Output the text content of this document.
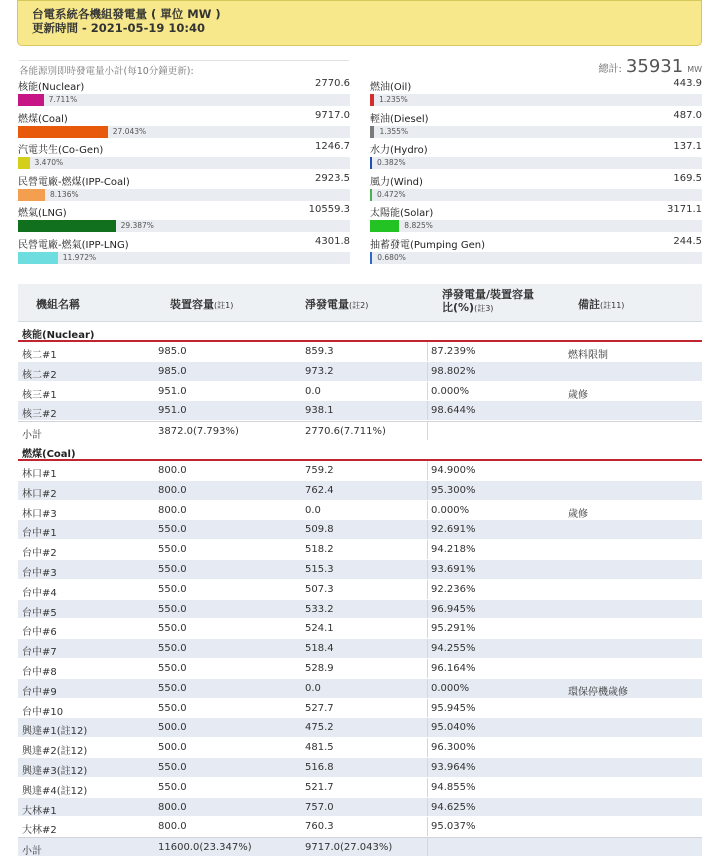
台電系統各機組發電量 ( 單位 MW )
更新時間 - 2021-05-19 10:40
各能源別即時發電量小計(每10分鐘更新):	總計: 35931 MW
核能(Nuclear)	2770.6
7.711%
燃煤(Coal)	9717.0
27.043%
汽電共生(Co-Gen)	1246.7
3.470%
民營電廠-燃煤(IPP-Coal)	2923.5
8.136%
燃氣(LNG)	10559.3
29.387%
民營電廠-燃氣(IPP-LNG)	4301.8
11.972%
燃油(Oil)	443.9
1.235%
輕油(Diesel)	487.0
1.355%
水力(Hydro)	137.1
0.382%
風力(Wind)	169.5
0.472%
太陽能(Solar)	3171.1
8.825%
抽蓄發電(Pumping Gen)	244.5
0.680%
機組名稱	裝置容量(註1)	淨發電量(註2)
淨發電量/裝置容量
比(%)(註3)	備註(註11)
核能(Nuclear)
核二#1	985.0	859.3	87.239%	燃料限制
核二#2	985.0	973.2	98.802%
核三#1	951.0	0.0	0.000%	歲修
核三#2	951.0	938.1	98.644%
小計	3872.0(7.793%)	2770.6(7.711%)
燃煤(Coal)
林口#1	800.0	759.2	94.900%
林口#2	800.0	762.4	95.300%
林口#3	800.0	0.0	0.000%	歲修
台中#1	550.0	509.8	92.691%
台中#2	550.0	518.2	94.218%
台中#3	550.0	515.3	93.691%
台中#4	550.0	507.3	92.236%
台中#5	550.0	533.2	96.945%
台中#6	550.0	524.1	95.291%
台中#7	550.0	518.4	94.255%
台中#8	550.0	528.9	96.164%
台中#9	550.0	0.0	0.000%	環保停機歲修
台中#10	550.0	527.7	95.945%
興達#1(註12)	500.0	475.2	95.040%
興達#2(註12)	500.0	481.5	96.300%
興達#3(註12)	550.0	516.8	93.964%
興達#4(註12)	550.0	521.7	94.855%
大林#1	800.0	757.0	94.625%
大林#2	800.0	760.3	95.037%
小計	11600.0(23.347%)	9717.0(27.043%)
